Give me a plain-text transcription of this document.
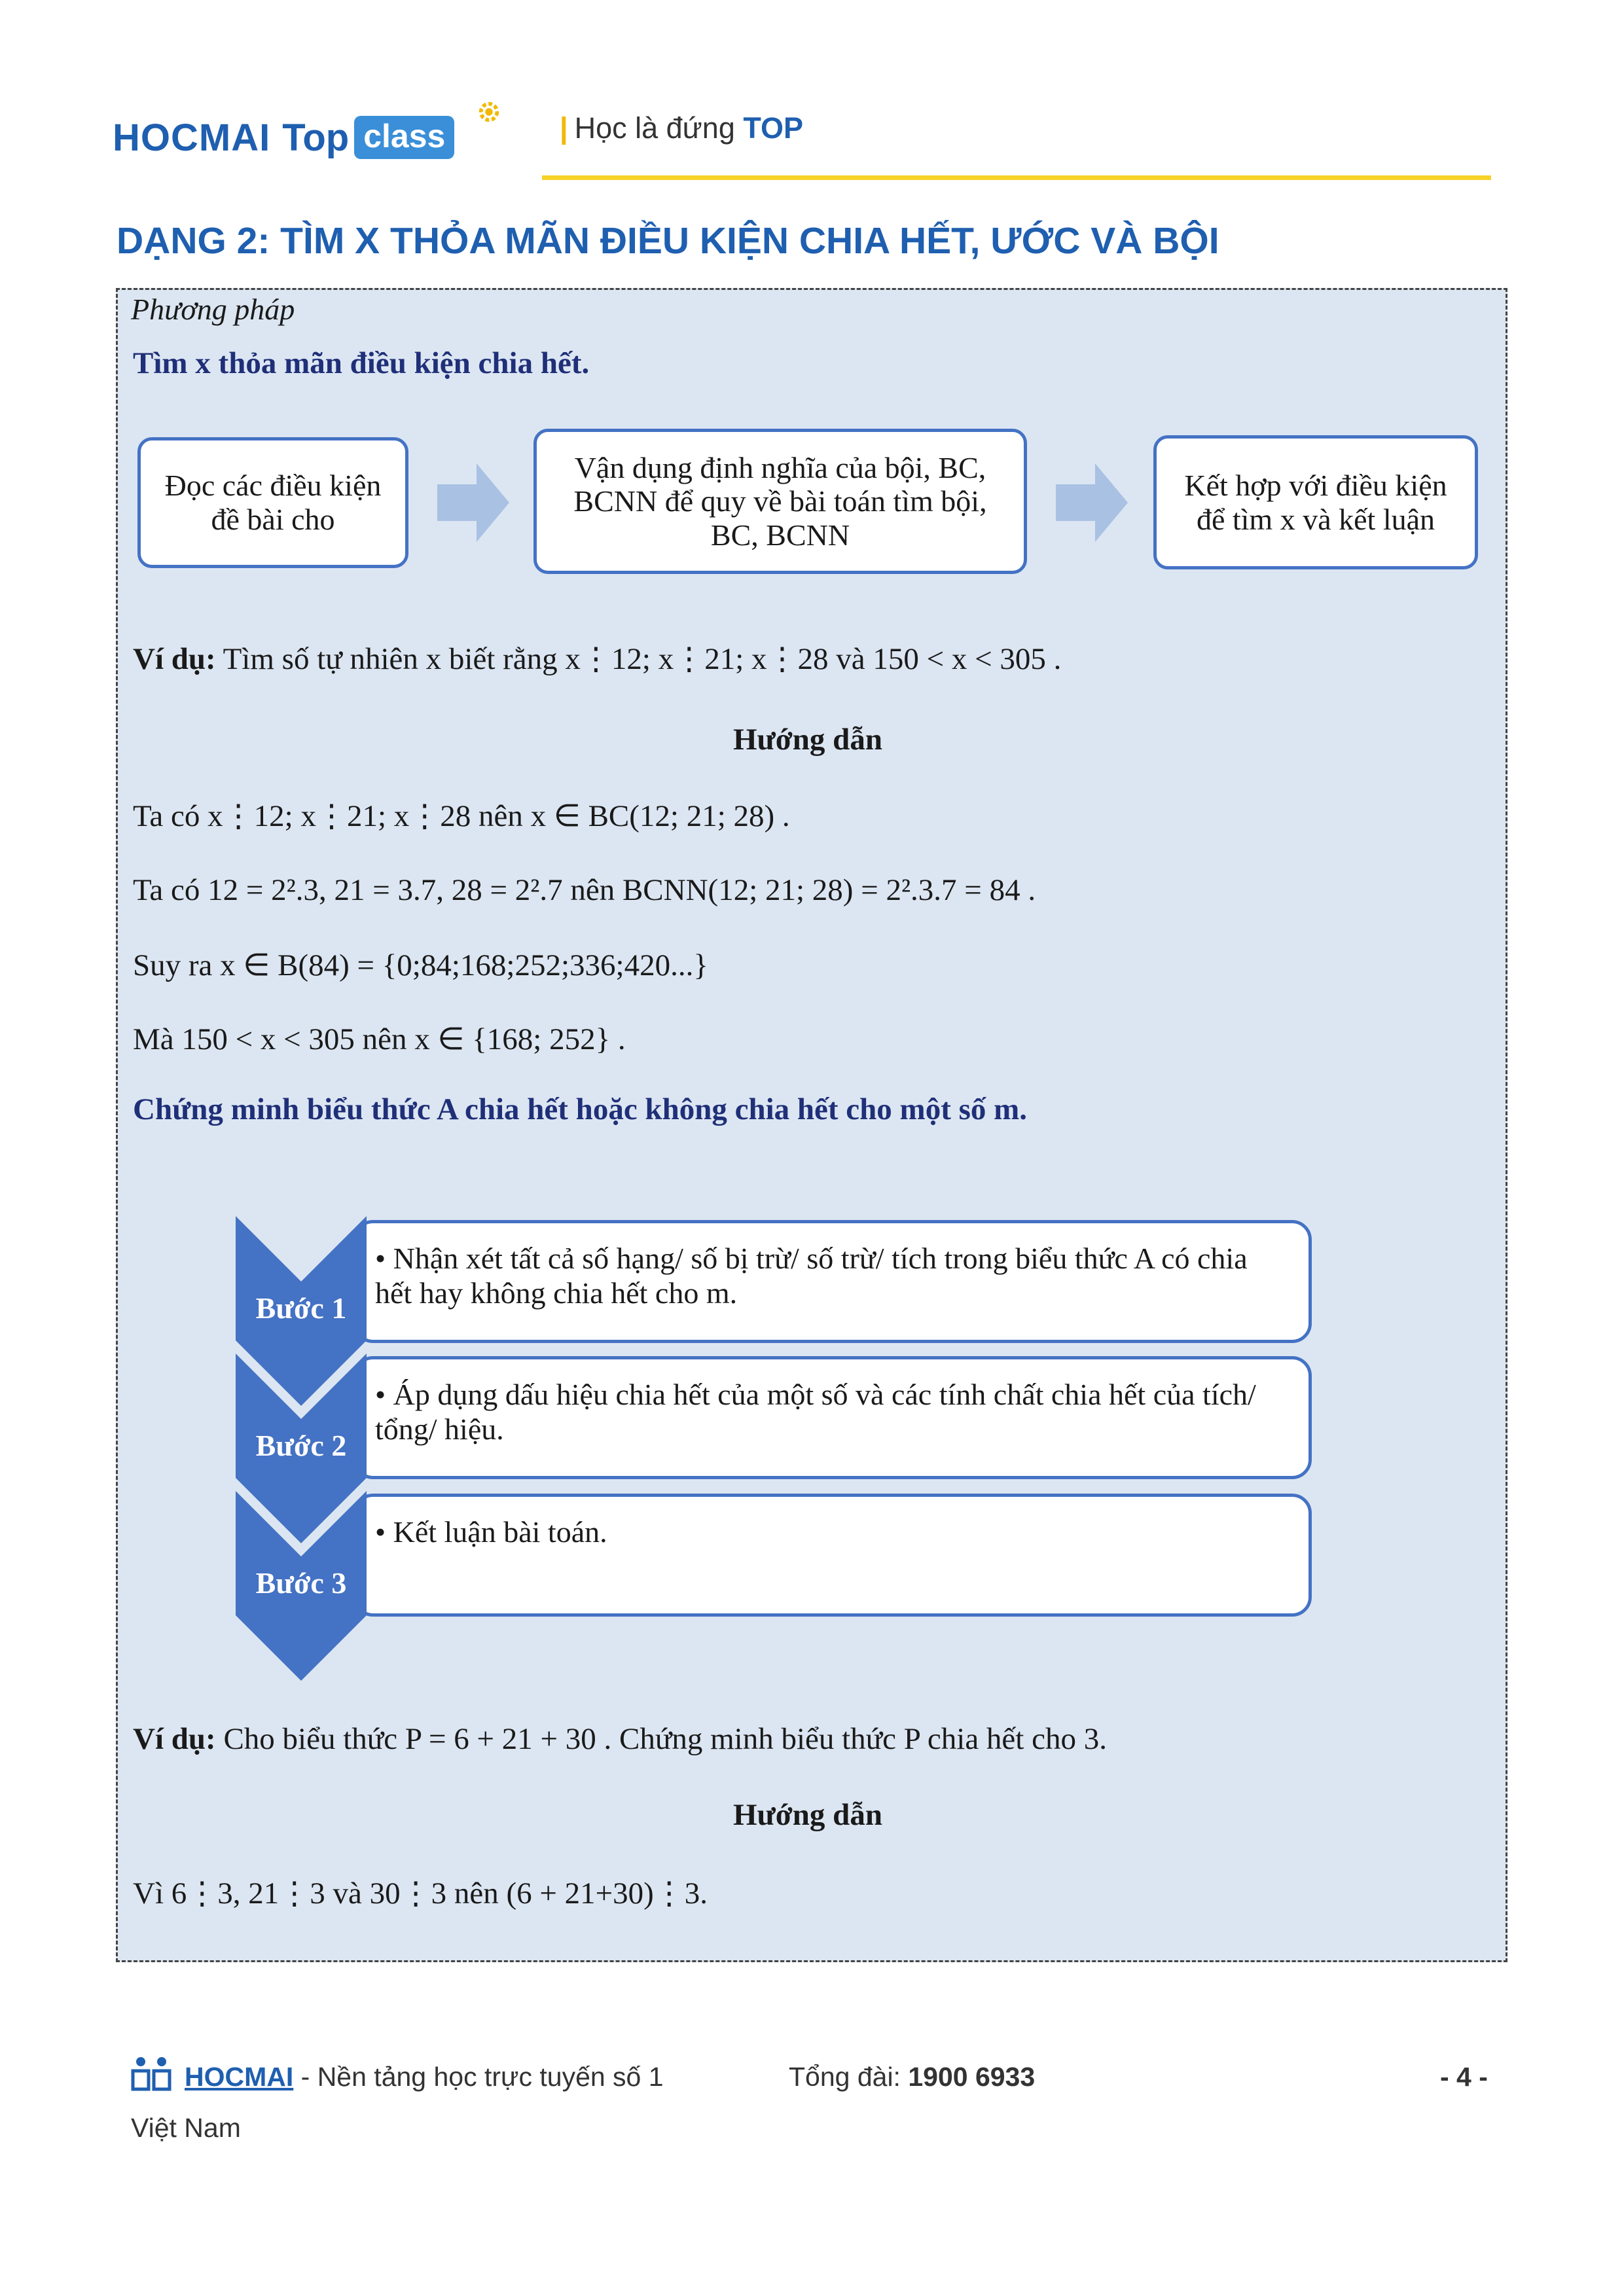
HOCMAI Top class	| Học là đứng TOP
DẠNG 2: TÌM X THỎA MÃN ĐIỀU KIỆN CHIA HẾT, ƯỚC VÀ BỘI
Phương pháp
Tìm x thỏa mãn điều kiện chia hết.
Đọc các điều kiện đề bài cho
Vận dụng định nghĩa của bội, BC, BCNN để quy về bài toán tìm bội, BC, BCNN
Kết hợp với điều kiện để tìm x và kết luận
Ví dụ: Tìm số tự nhiên x biết rằng x⋮12; x⋮21; x⋮28 và 150 < x < 305 .
Hướng dẫn
Ta có x⋮12; x⋮21; x⋮28 nên x ∈ BC(12; 21; 28) .
Ta có 12 = 2².3, 21 = 3.7, 28 = 2².7 nên BCNN(12; 21; 28) = 2².3.7 = 84 .
Suy ra x ∈ B(84) = {0;84;168;252;336;420...}
Mà 150 < x < 305 nên x ∈ {168; 252} .
Chứng minh biểu thức A chia hết hoặc không chia hết cho một số m.
• Nhận xét tất cả số hạng/ số bị trừ/ số trừ/ tích trong biểu thức A có chia hết hay không chia hết cho m.
• Áp dụng dấu hiệu chia hết của một số và các tính chất chia hết của tích/ tổng/ hiệu.
• Kết luận bài toán.
Bước 1
Bước 2
Bước 3
Ví dụ: Cho biểu thức P = 6 + 21 + 30 . Chứng minh biểu thức P chia hết cho 3.
Hướng dẫn
Vì 6⋮3, 21⋮3 và 30⋮3 nên (6 + 21+30)⋮3.
HOCMAI - Nền tảng học trực tuyến số 1	Tổng đài: 1900 6933	- 4 -
Việt Nam
